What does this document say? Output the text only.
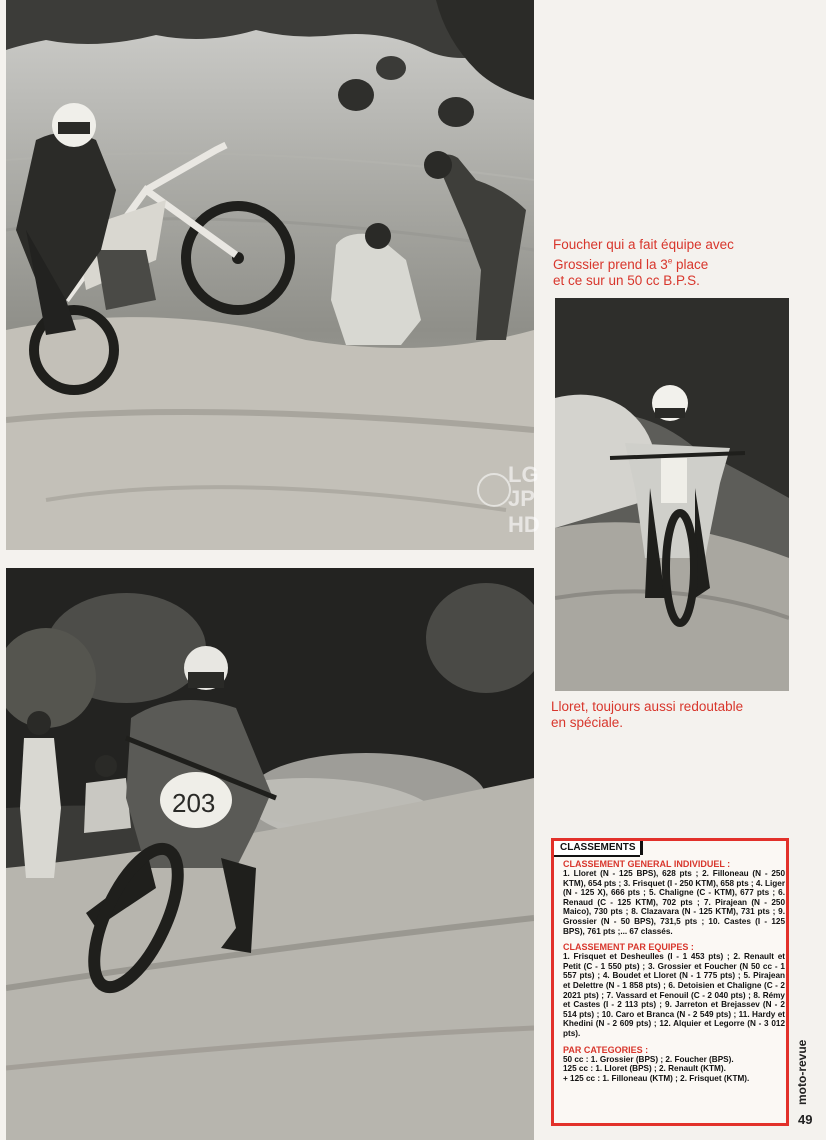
LG
JP
HD

Foucher qui a fait équipe avec
Grossier prend la 3e place
et ce sur un 50 cc B.P.S.

Lloret, toujours aussi redoutable
en spéciale.

203
CLASSEMENTS

CLASSEMENT GENERAL INDIVIDUEL :

1. Lloret (N - 125 BPS), 628 pts ; 2. Filloneau (N - 250 KTM), 654 pts ; 3. Frisquet (I - 250 KTM), 658 pts ; 4. Liger (N - 125 X), 666 pts ; 5. Chaligne (C - KTM), 677 pts ; 6. Renaud (C - 125 KTM), 702 pts ; 7. Pirajean (N - 250 Maico), 730 pts ; 8. Clazavara (N - 125 KTM), 731 pts ; 9. Grossier (N - 50 BPS), 731,5 pts ; 10. Castes (I - 125 BPS), 761 pts ;... 67 classés.

CLASSEMENT PAR EQUIPES :

1. Frisquet et Desheulles (I - 1 453 pts) ; 2. Renault et Petit (C - 1 550 pts) ; 3. Grossier et Foucher (N 50 cc - 1 557 pts) ; 4. Boudet et Lloret (N - 1 775 pts) ; 5. Pirajean et Delettre (N - 1 858 pts) ; 6. Detoisien et Chaligne (C - 2 2021 pts) ; 7. Vassard et Fenouil (C - 2 040 pts) ; 8. Rémy et Castes (I - 2 113 pts) ; 9. Jarreton et Brejassev (N - 2 514 pts) ; 10. Caro et Branca (N - 2 549 pts) ; 11. Hardy et Khedini (N - 2 609 pts) ; 12. Alquier et Legorre (N - 3 012 pts).

PAR CATEGORIES :

50 cc : 1. Grossier (BPS) ; 2. Foucher (BPS).
125 cc : 1. Lloret (BPS) ; 2. Renault (KTM).
+ 125 cc : 1. Filloneau (KTM) ; 2. Frisquet (KTM).	moto-revue
49
